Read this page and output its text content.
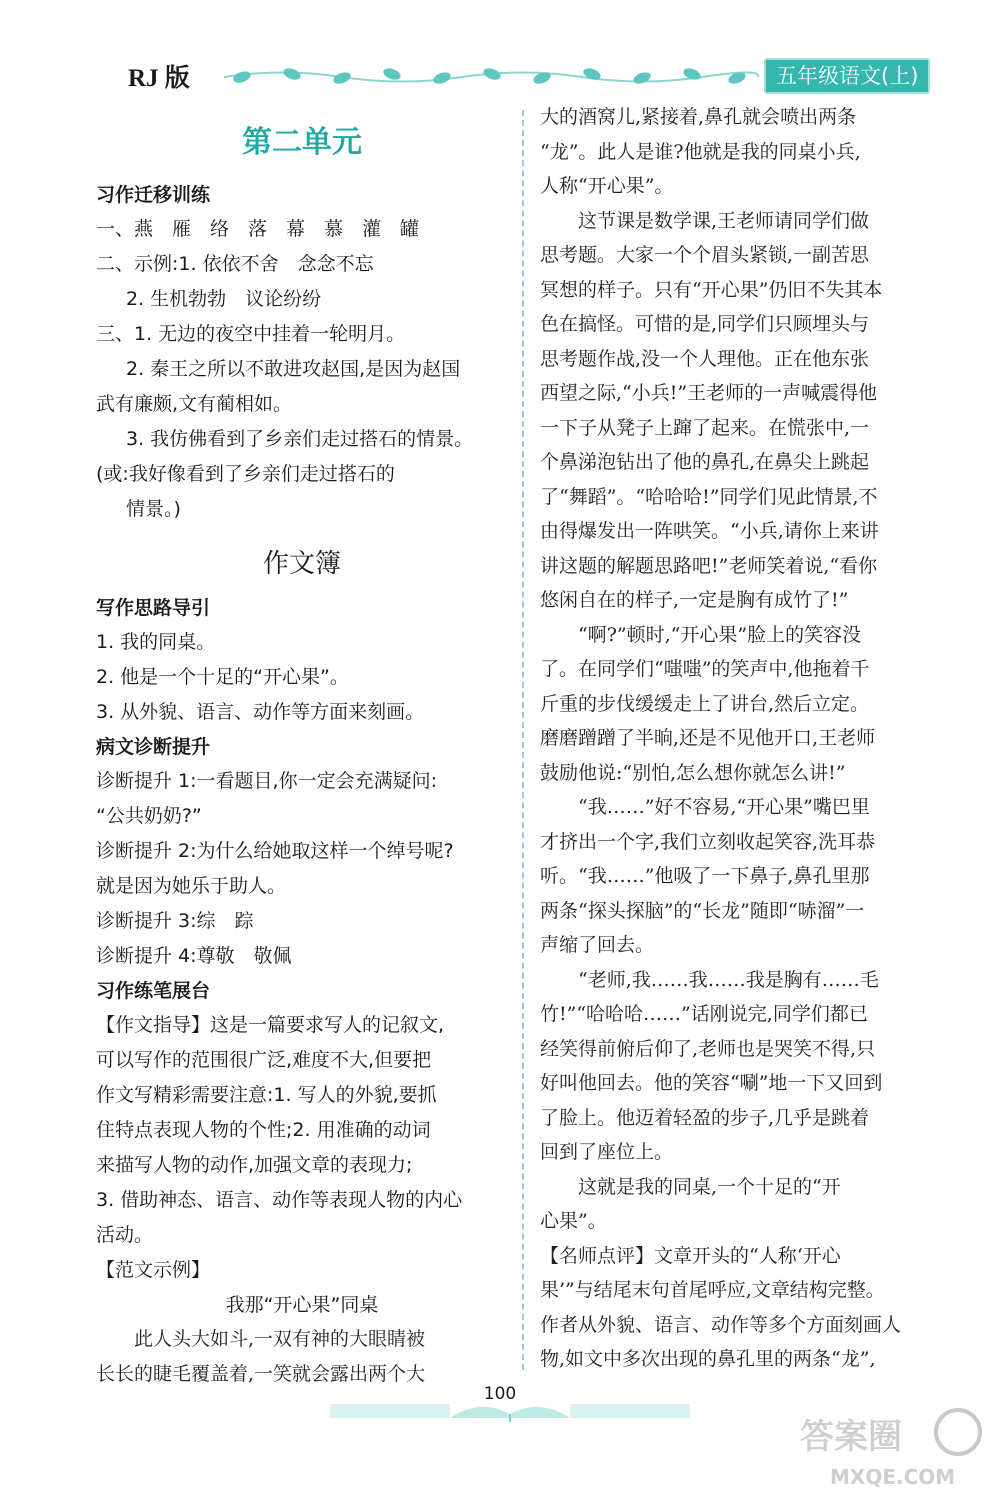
RJ 版	五年级语文(上)
第二单元
习作迁移训练
一、燕　雁　络　落　幕　慕　灌　罐
二、示例:1. 依依不舍　念念不忘
2. 生机勃勃　议论纷纷
三、1. 无边的夜空中挂着一轮明月。
2. 秦王之所以不敢进攻赵国,是因为赵国
武有廉颇,文有蔺相如。
3. 我仿佛看到了乡亲们走过搭石的情景。
(或:我好像看到了乡亲们走过搭石的
情景。)
作文簿
写作思路导引
1. 我的同桌。
2. 他是一个十足的“开心果”。
3. 从外貌、语言、动作等方面来刻画。
病文诊断提升
诊断提升 1:一看题目,你一定会充满疑问:
“公共奶奶?”
诊断提升 2:为什么给她取这样一个绰号呢?
就是因为她乐于助人。
诊断提升 3:综　踪
诊断提升 4:尊敬　敬佩
习作练笔展台
【作文指导】这是一篇要求写人的记叙文,
可以写作的范围很广泛,难度不大,但要把
作文写精彩需要注意:1. 写人的外貌,要抓
住特点表现人物的个性;2. 用准确的动词
来描写人物的动作,加强文章的表现力;
3. 借助神态、语言、动作等表现人物的内心
活动。
【范文示例】
我那“开心果”同桌
此人头大如斗,一双有神的大眼睛被
长长的睫毛覆盖着,一笑就会露出两个大
大的酒窝儿,紧接着,鼻孔就会喷出两条
“龙”。此人是谁?他就是我的同桌小兵,
人称“开心果”。
这节课是数学课,王老师请同学们做
思考题。大家一个个眉头紧锁,一副苦思
冥想的样子。只有“开心果”仍旧不失其本
色在搞怪。可惜的是,同学们只顾埋头与
思考题作战,没一个人理他。正在他东张
西望之际,“小兵!”王老师的一声喊震得他
一下子从凳子上蹿了起来。在慌张中,一
个鼻涕泡钻出了他的鼻孔,在鼻尖上跳起
了“舞蹈”。“哈哈哈!”同学们见此情景,不
由得爆发出一阵哄笑。“小兵,请你上来讲
讲这题的解题思路吧!”老师笑着说,“看你
悠闲自在的样子,一定是胸有成竹了!”
“啊?”顿时,“开心果”脸上的笑容没
了。在同学们“嗤嗤”的笑声中,他拖着千
斤重的步伐缓缓走上了讲台,然后立定。
磨磨蹭蹭了半晌,还是不见他开口,王老师
鼓励他说:“别怕,怎么想你就怎么讲!”
“我……”好不容易,“开心果”嘴巴里
才挤出一个字,我们立刻收起笑容,洗耳恭
听。“我……”他吸了一下鼻子,鼻孔里那
两条“探头探脑”的“长龙”随即“哧溜”一
声缩了回去。
“老师,我……我……我是胸有……毛
竹!”“哈哈哈……”话刚说完,同学们都已
经笑得前俯后仰了,老师也是哭笑不得,只
好叫他回去。他的笑容“唰”地一下又回到
了脸上。他迈着轻盈的步子,几乎是跳着
回到了座位上。
这就是我的同桌,一个十足的“开
心果”。
【名师点评】文章开头的“人称‘开心
果’”与结尾末句首尾呼应,文章结构完整。
作者从外貌、语言、动作等多个方面刻画人
物,如文中多次出现的鼻孔里的两条“龙”,
100
答案圈
MXQE.COM
